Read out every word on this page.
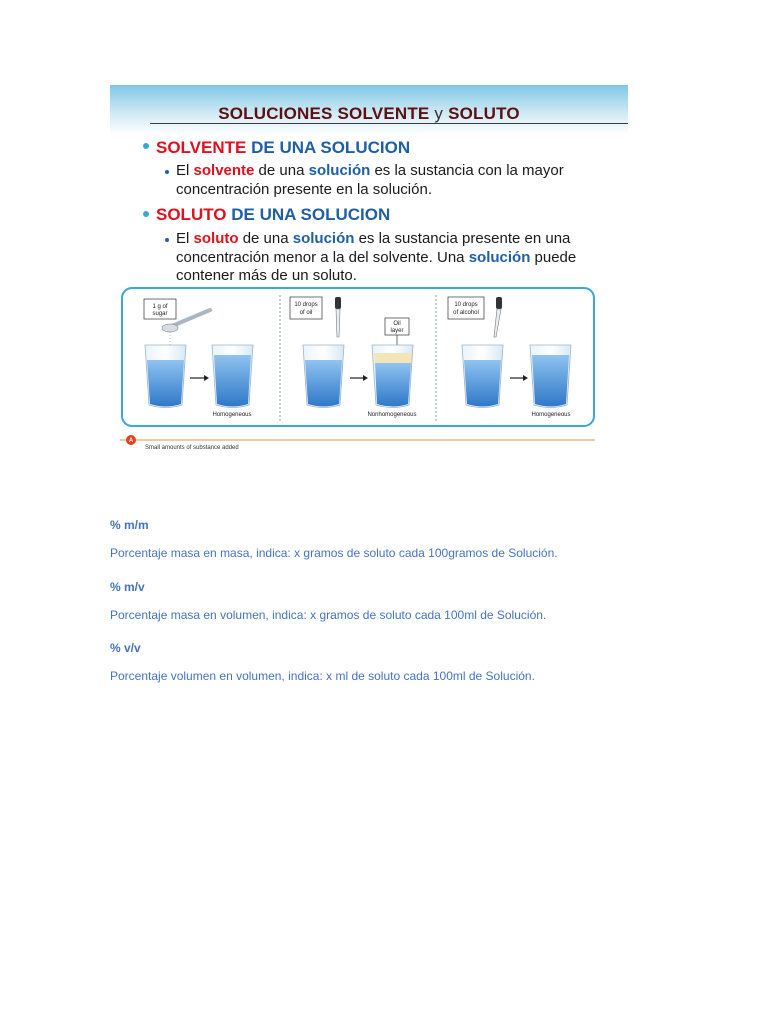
SOLUCIONES SOLVENTE y SOLUTO
SOLVENTE DE UNA SOLUCION
El solvente de una solución es la sustancia con la mayor concentración presente en la solución.
SOLUTO DE UNA SOLUCION
El soluto de una solución es la sustancia presente en una concentración menor a la del solvente. Una solución puede contener más de un soluto.
1 g of
sugar
Homogeneous
10 drops
of oil
Oil
layer
Nonhomogeneous
10 drops
of alcohol
Homogeneous
A
Small amounts of substance added
% m/m
Porcentaje masa en masa, indica: x gramos de soluto cada 100gramos de Solución.
% m/v
Porcentaje masa en volumen, indica: x gramos de soluto cada 100ml de Solución.
% v/v
Porcentaje volumen en volumen, indica: x ml de soluto cada 100ml de Solución.
